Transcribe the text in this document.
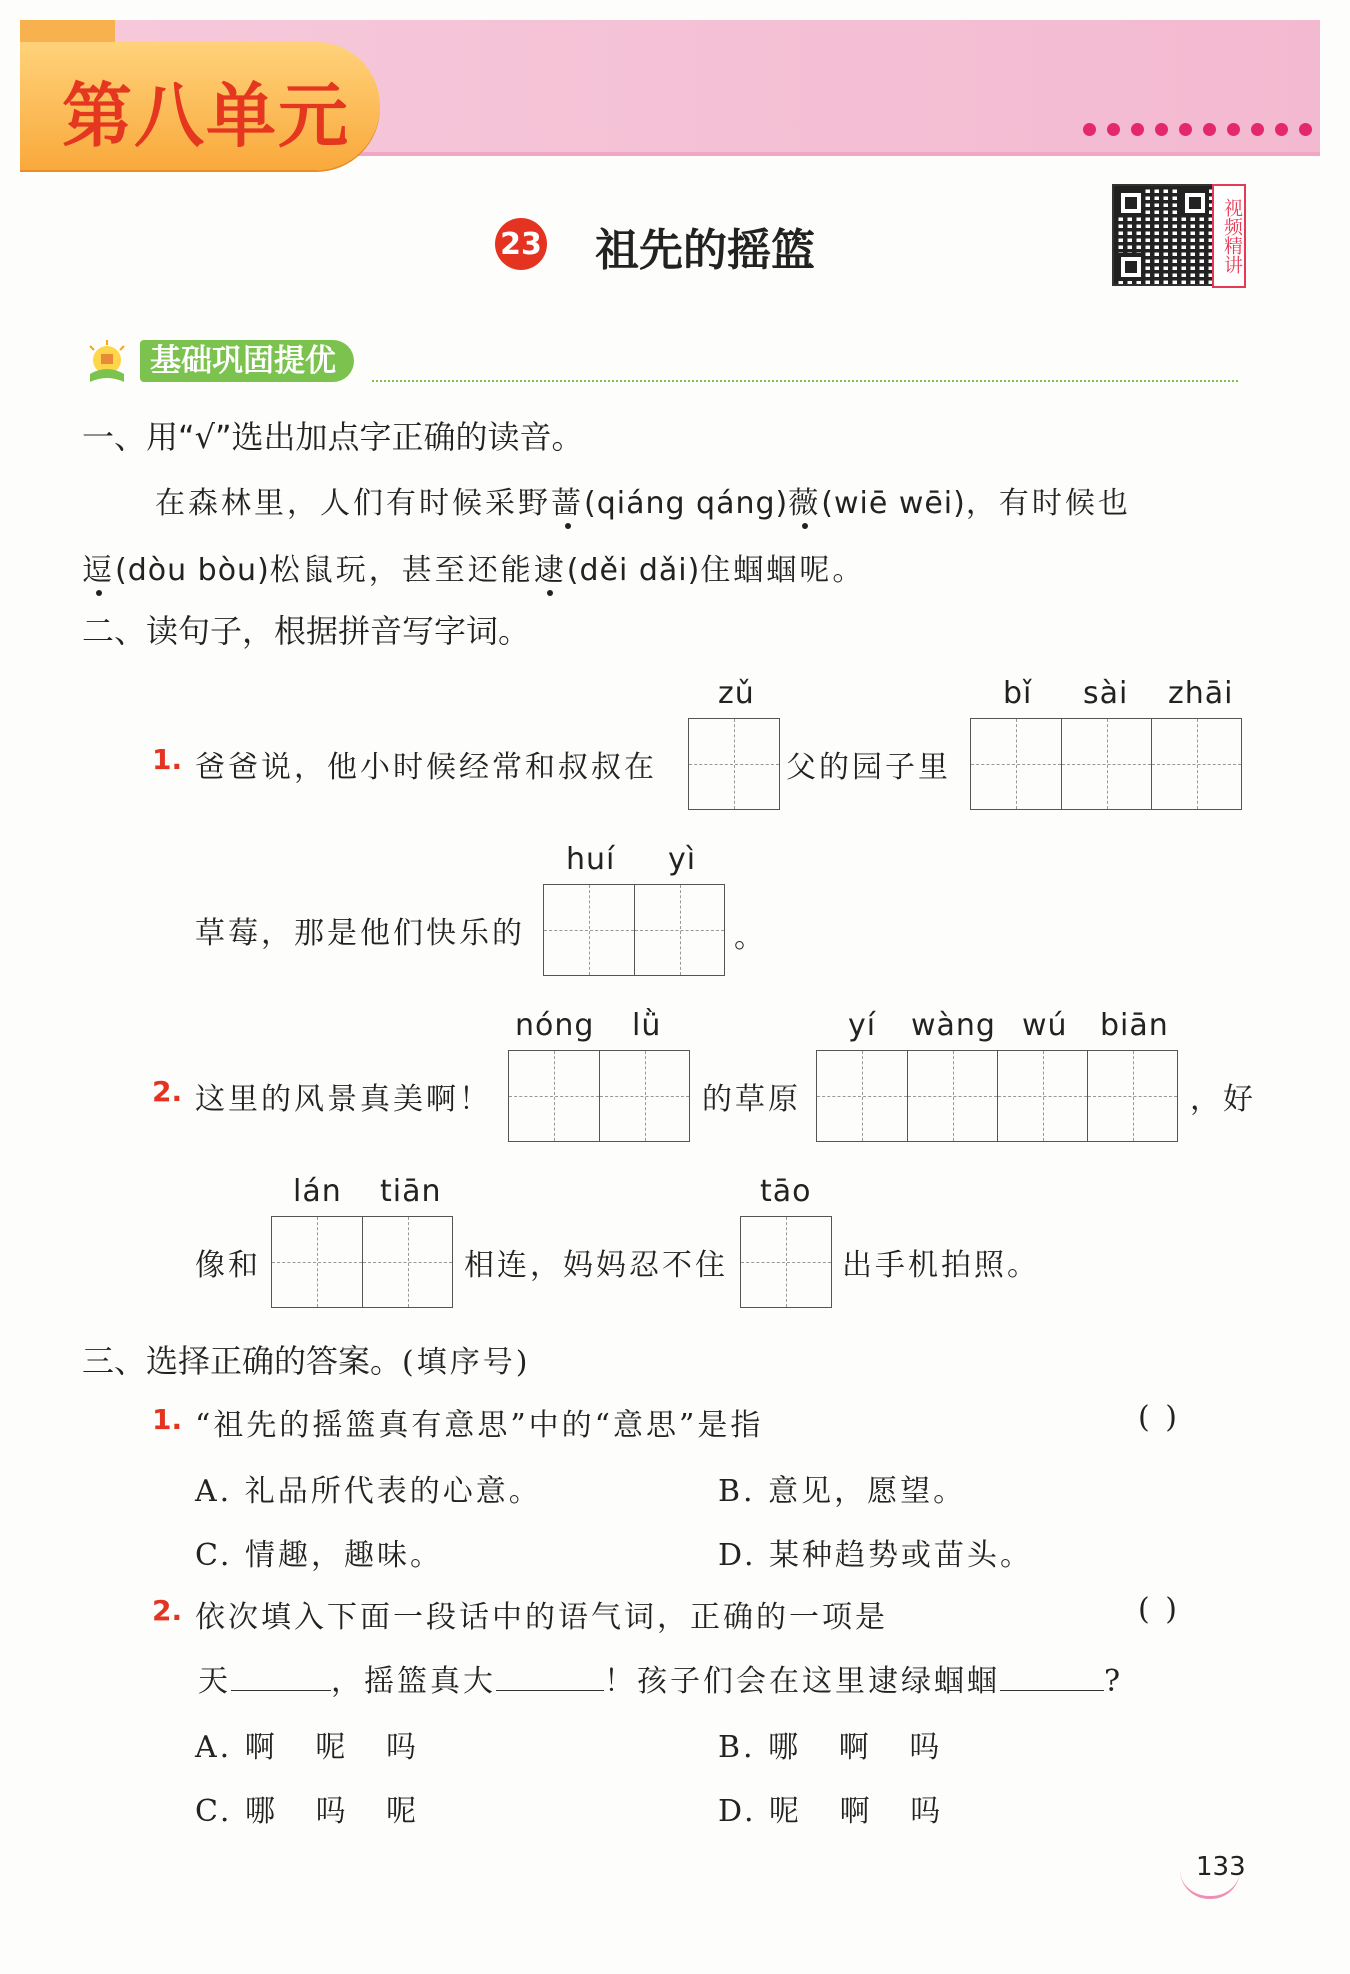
第八单元
23 祖先的摇篮	视频精讲
基础巩固提优
一、用“√”选出加点字正确的读音。
在森林里，人们有时候采野蔷(qiáng qáng)薇(wiē wēi)，有时候也
逗(dòu bòu)松鼠玩，甚至还能逮(děi dǎi)住蝈蝈呢。
二、读句子，根据拼音写字词。
zǔ	bǐ sài zhāi
1. 爸爸说，他小时候经常和叔叔在	父的园子里
huí yì
草莓，那是他们快乐的	。
nóng lǜ	yí wàng wú biān
2. 这里的风景真美啊！	的草原	，好
lán tiān	tāo
像和	相连，妈妈忍不住	出手机拍照。
三、选择正确的答案。(填序号)
1. “祖先的摇篮真有意思”中的“意思”是指	( )
A. 礼品所代表的心意。	B. 意见，愿望。
C. 情趣，趣味。	D. 某种趋势或苗头。
2. 依次填入下面一段话中的语气词，正确的一项是	( )
天	，摇篮真大	！孩子们会在这里逮绿蝈蝈	?
A. 啊   呢   吗	B. 哪   啊   吗
C. 哪   吗   呢	D. 呢   啊   吗
133
